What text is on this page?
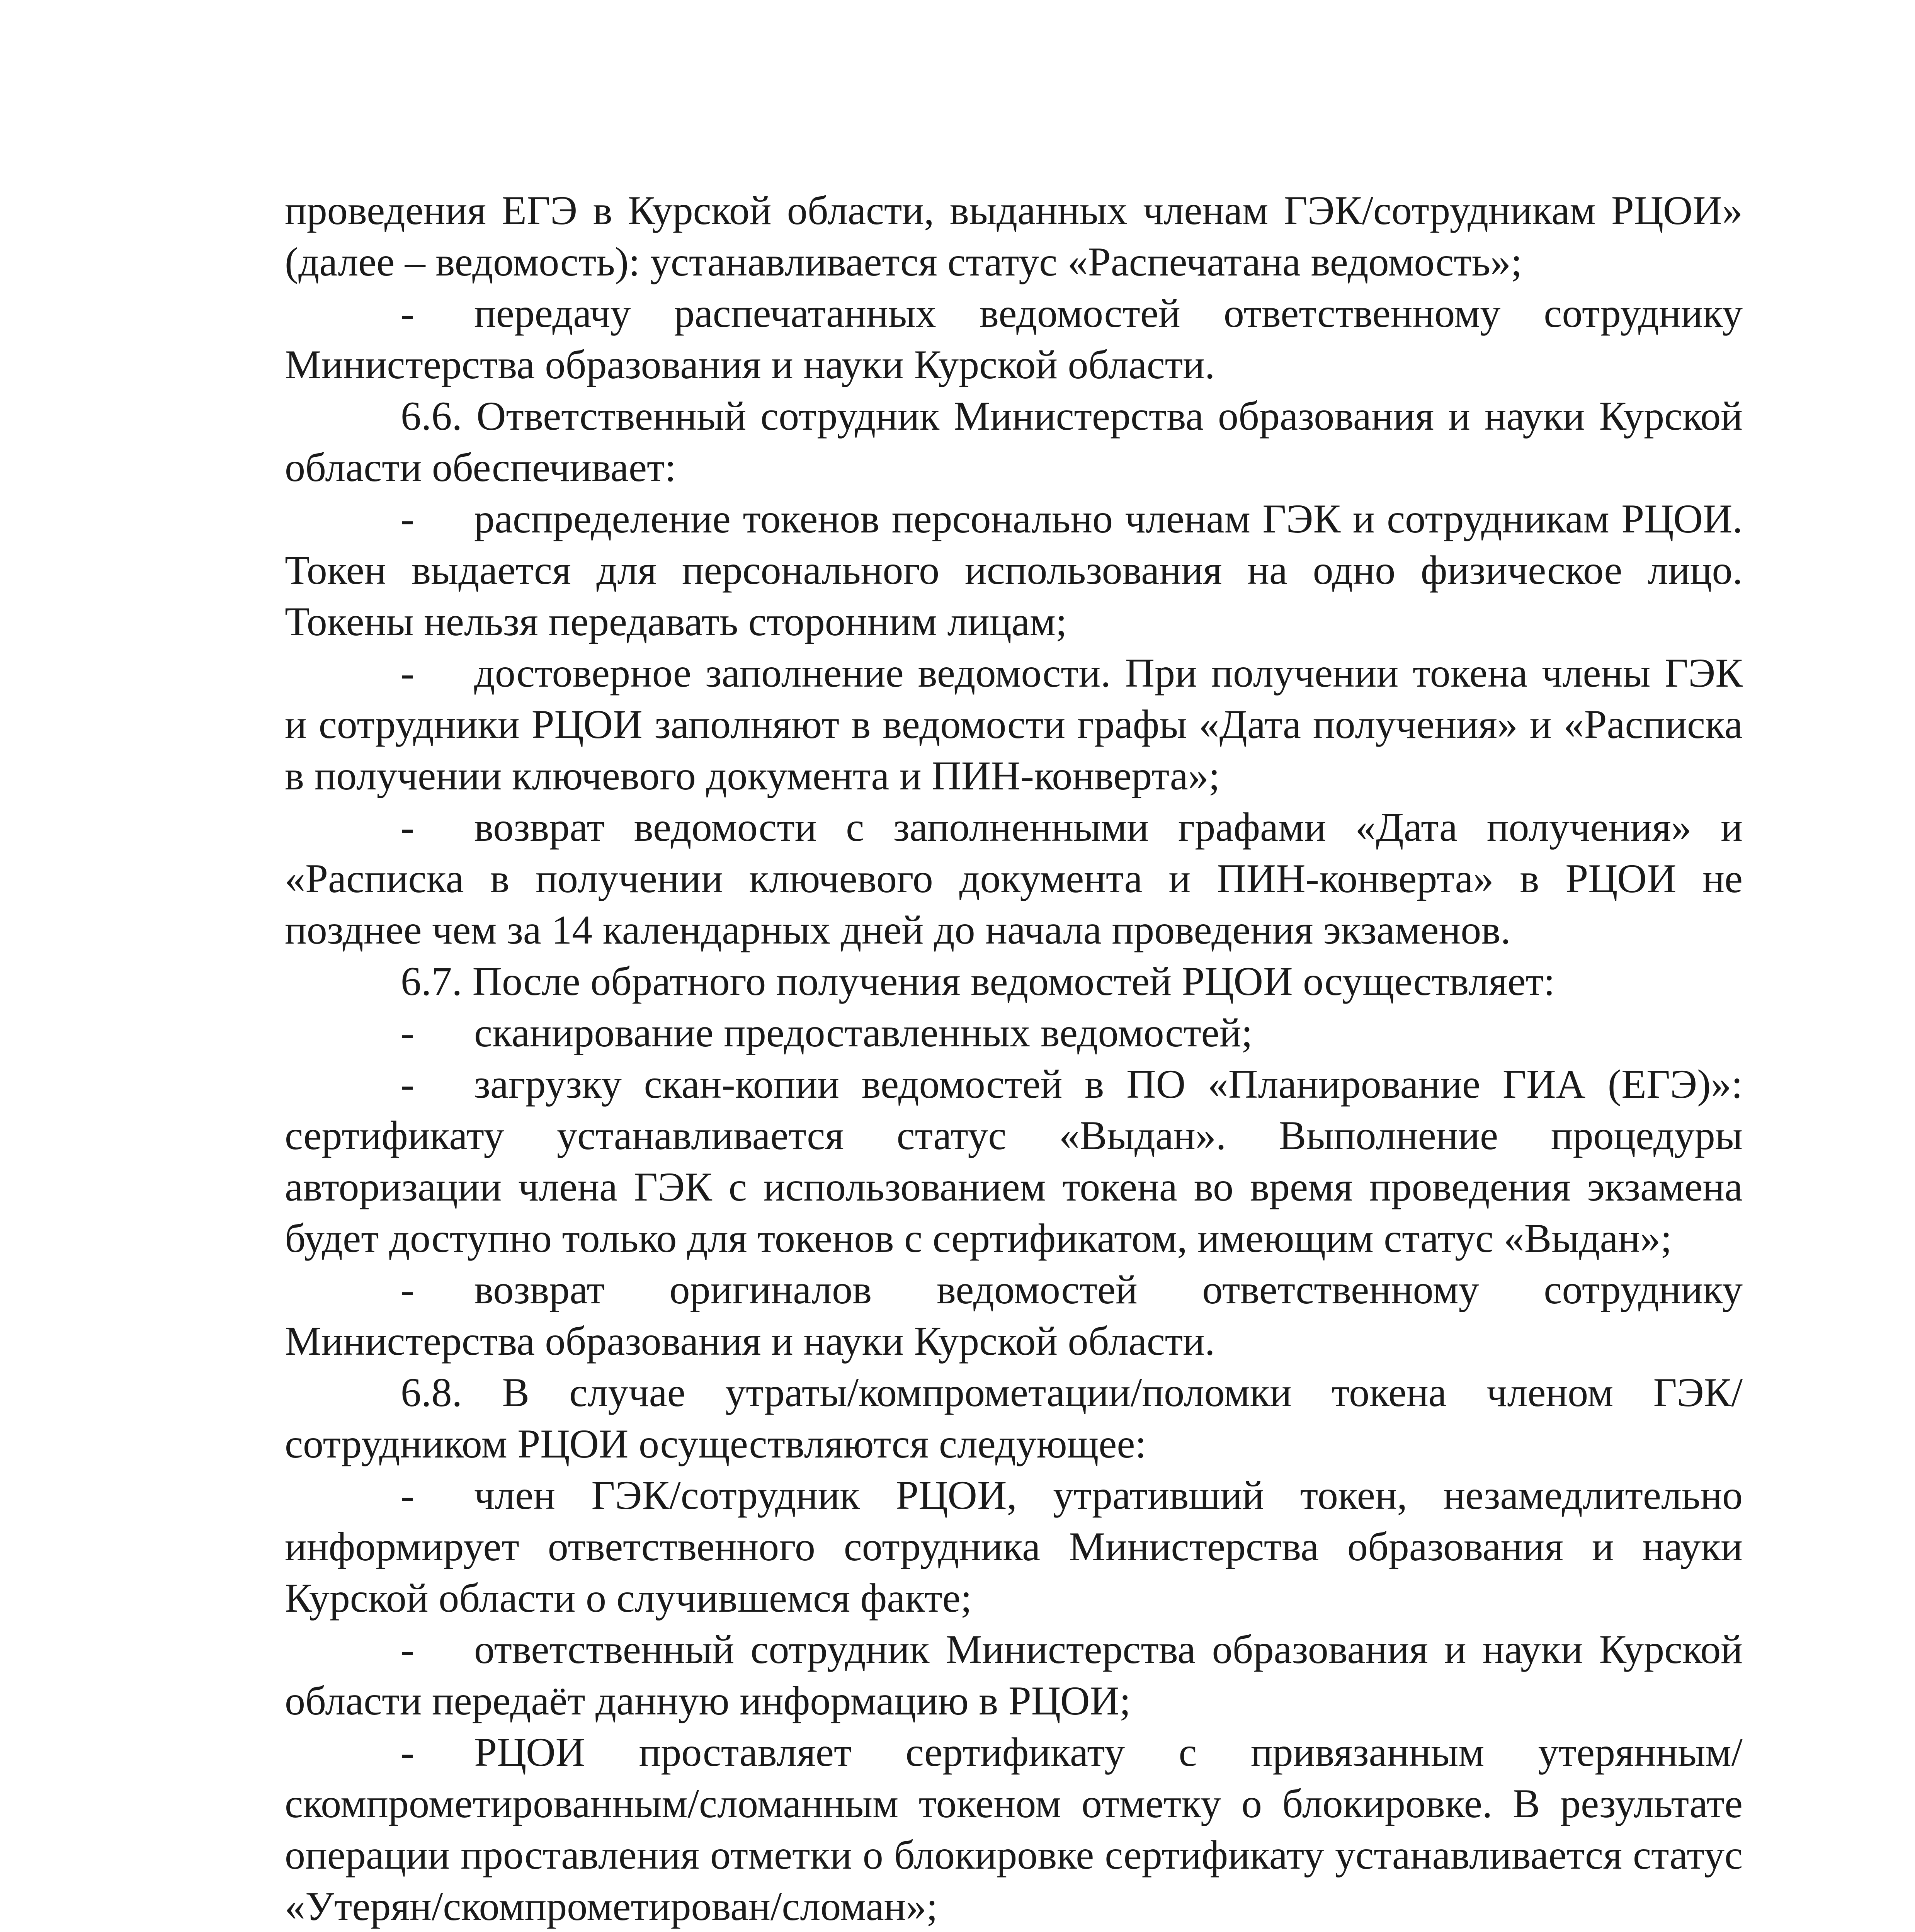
проведения ЕГЭ в Курской области, выданных членам ГЭК/сотрудникам РЦОИ» (далее – ведомость): устанавливается статус «Распечатана ведомость»;

- передачу распечатанных ведомостей ответственному сотруднику Министерства образования и науки Курской области.

6.6. Ответственный сотрудник Министерства образования и науки Курской области обеспечивает:

- распределение токенов персонально членам ГЭК и сотрудникам РЦОИ. Токен выдается для персонального использования на одно физическое лицо. Токены нельзя передавать сторонним лицам;

- достоверное заполнение ведомости. При получении токена члены ГЭК и сотрудники РЦОИ заполняют в ведомости графы «Дата получения» и «Расписка в получении ключевого документа и ПИН-конверта»;

- возврат ведомости с заполненными графами «Дата получения» и «Расписка в получении ключевого документа и ПИН-конверта» в РЦОИ не позднее чем за 14 календарных дней до начала проведения экзаменов.

6.7. После обратного получения ведомостей РЦОИ осуществляет:

- сканирование предоставленных ведомостей;

- загрузку скан-копии ведомостей в ПО «Планирование ГИА (ЕГЭ)»: сертификату устанавливается статус «Выдан». Выполнение процедуры авторизации члена ГЭК с использованием токена во время проведения экзамена будет доступно только для токенов с сертификатом, имеющим статус «Выдан»;

- возврат оригиналов ведомостей ответственному сотруднику Министерства образования и науки Курской области.

6.8. В случае утраты/компрометации/поломки токена членом ГЭК/сотрудником РЦОИ осуществляются следующее:

- член ГЭК/сотрудник РЦОИ, утративший токен, незамедлительно информирует ответственного сотрудника Министерства образования и науки Курской области о случившемся факте;

- ответственный сотрудник Министерства образования и науки Курской области передаёт данную информацию в РЦОИ;

- РЦОИ проставляет сертификату с привязанным утерянным/ скомпрометированным/сломанным токеном отметку о блокировке. В результате операции проставления отметки о блокировке сертификату устанавливается статус «Утерян/скомпрометирован/сломан»;
